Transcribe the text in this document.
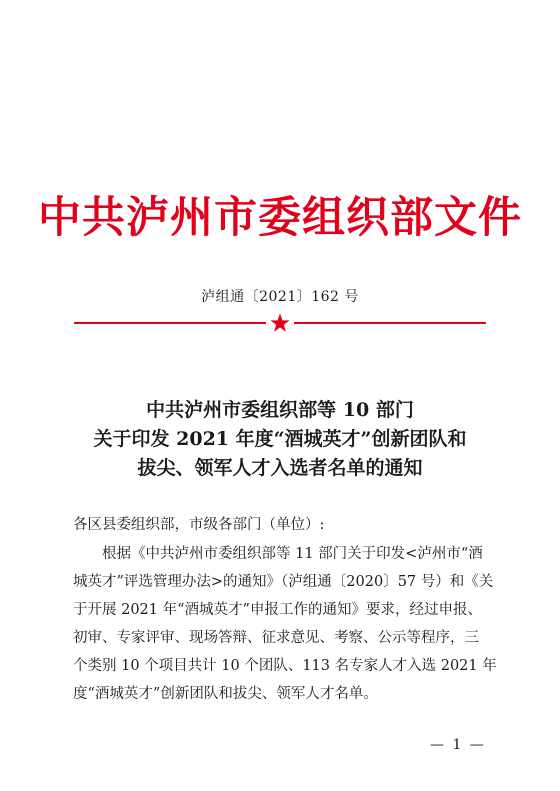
中共泸州市委组织部文件
泸组通〔2021〕162 号
中共泸州市委组织部等 10 部门
关于印发 2021 年度“酒城英才”创新团队和
拔尖、领军人才入选者名单的通知
各区县委组织部，市级各部门（单位）:
根据《中共泸州市委组织部等 11 部门关于印发<泸州市“酒
城英才”评选管理办法>的通知》（泸组通〔2020〕57 号）和《关
于开展 2021 年“酒城英才”申报工作的通知》要求，经过申报、
初审、专家评审、现场答辩、征求意见、考察、公示等程序，三
个类别 10 个项目共计 10 个团队、113 名专家人才入选 2021 年
度“酒城英才”创新团队和拔尖、领军人才名单。
— 1 —
